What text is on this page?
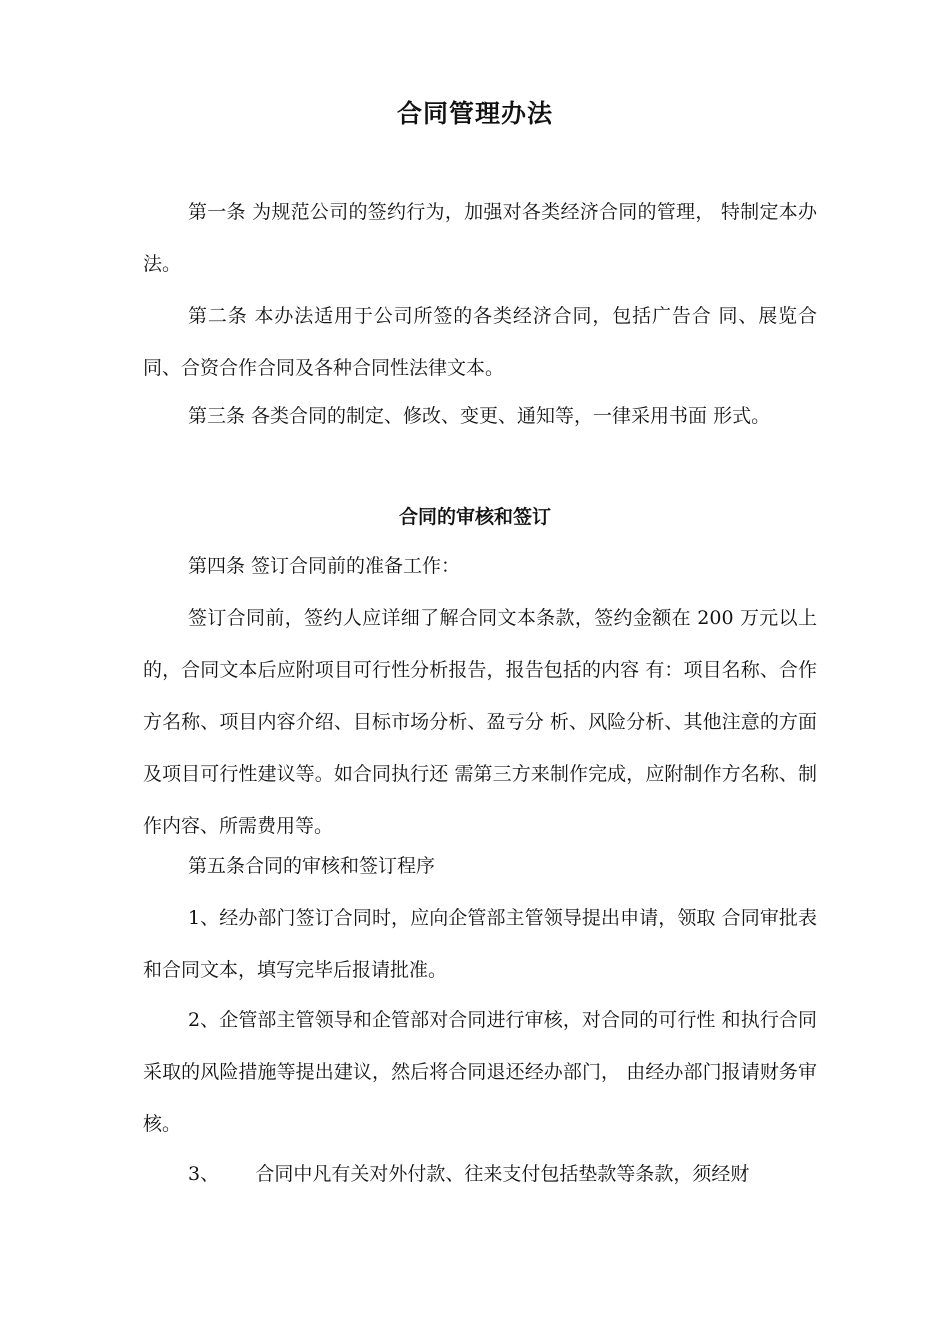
合同管理办法

第一条 为规范公司的签约行为，加强对各类经济合同的管理， 特制定本办法。

第二条 本办法适用于公司所签的各类经济合同，包括广告合 同、展览合同、合资合作合同及各种合同性法律文本。

第三条 各类合同的制定、修改、变更、通知等，一律采用书面 形式。

合同的审核和签订

第四条 签订合同前的准备工作：

签订合同前，签约人应详细了解合同文本条款，签约金额在 200 万元以上的，合同文本后应附项目可行性分析报告，报告包括的内容 有：项目名称、合作方名称、项目内容介绍、目标市场分析、盈亏分 析、风险分析、其他注意的方面及项目可行性建议等。如合同执行还 需第三方来制作完成，应附制作方名称、制作内容、所需费用等。

第五条合同的审核和签订程序

1、经办部门签订合同时，应向企管部主管领导提出申请，领取 合同审批表和合同文本，填写完毕后报请批准。

2、企管部主管领导和企管部对合同进行审核，对合同的可行性 和执行合同采取的风险措施等提出建议，然后将合同退还经办部门， 由经办部门报请财务审核。

3、      合同中凡有关对外付款、往来支付包括垫款等条款，须经财
